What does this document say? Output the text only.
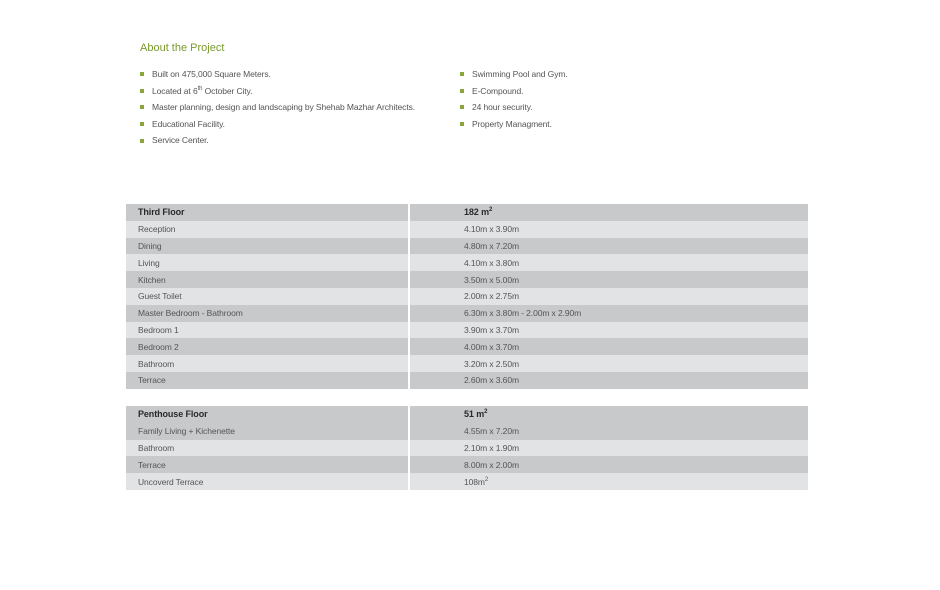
About the Project
Built on 475,000 Square Meters.
Located at 6th October City.
Master planning, design and landscaping by Shehab Mazhar Architects.
Educational Facility.
Service Center.
Swimming Pool and Gym.
E-Compound.
24 hour security.
Property Managment.
Third Floor	182 $m^2$
Reception	4.10m x 3.90m
Dining	4.80m x 7.20m
Living	4.10m x 3.80m
Kitchen	3.50m x 5.00m
Guest Toilet	2.00m x 2.75m
Master Bedroom - Bathroom	6.30m x 3.80m - 2.00m x 2.90m
Bedroom 1	3.90m x 3.70m
Bedroom 2	4.00m x 3.70m
Bathroom	3.20m x 2.50m
Terrace	2.60m x 3.60m
Penthouse Floor	51 $m^2$
Family Living + Kichenette	4.55m x 7.20m
Bathroom	2.10m x 1.90m
Terrace	8.00m x 2.00m
Uncoverd Terrace	$108m^2$
